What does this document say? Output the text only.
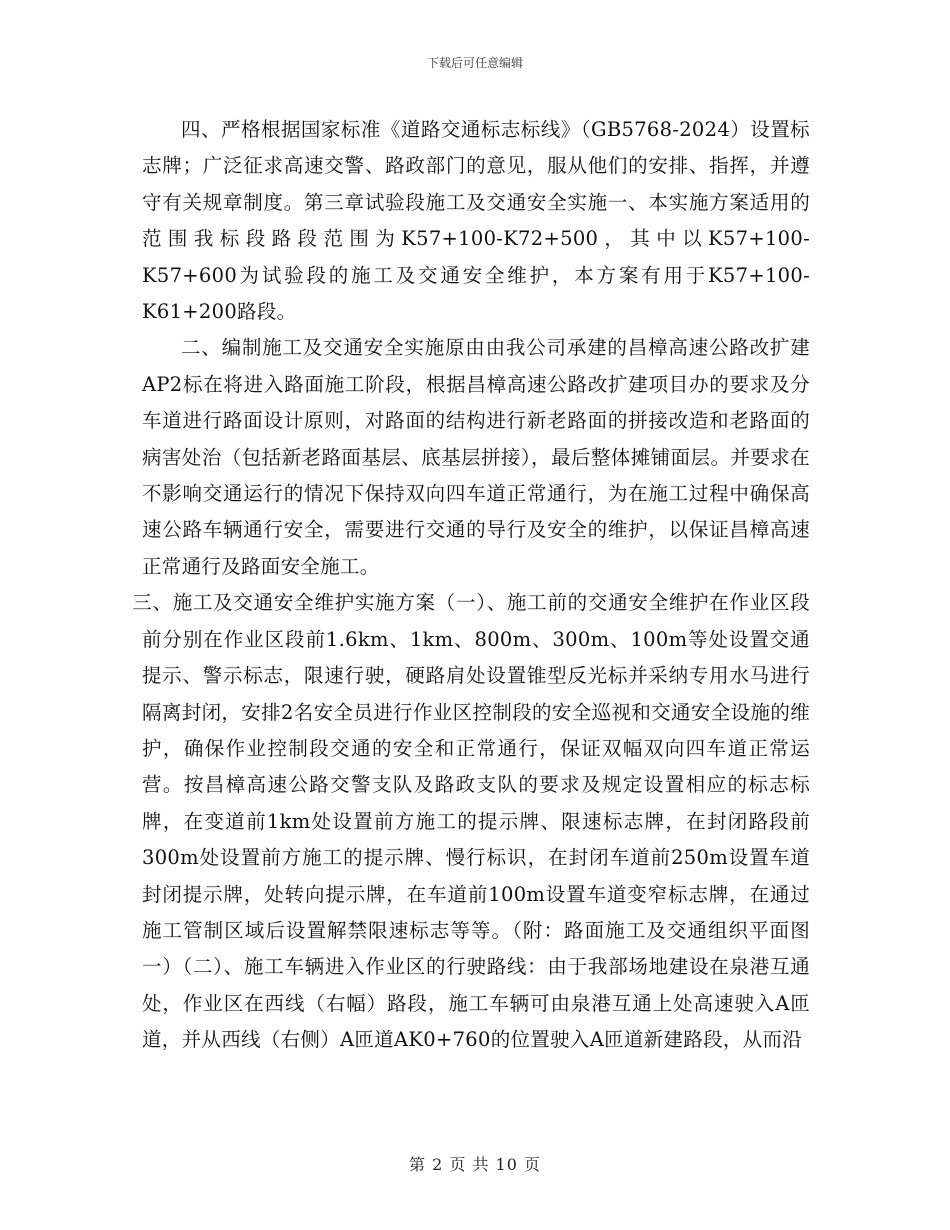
下载后可任意编辑

四、严格根据国家标准《道路交通标志标线》（GB5768-2024）设置标志牌；广泛征求高速交警、路政部门的意见，服从他们的安排、指挥，并遵守有关规章制度。第三章试验段施工及交通安全实施一、本实施方案适用的范围我标段路段范围为K57+100-K72+500，其中以K57+100-K57+600为试验段的施工及交通安全维护，本方案有用于K57+100-K61+200路段。

二、编制施工及交通安全实施原由由我公司承建的昌樟高速公路改扩建AP2标在将进入路面施工阶段，根据昌樟高速公路改扩建项目办的要求及分车道进行路面设计原则，对路面的结构进行新老路面的拼接改造和老路面的病害处治（包括新老路面基层、底基层拼接），最后整体摊铺面层。并要求在不影响交通运行的情况下保持双向四车道正常通行，为在施工过程中确保高速公路车辆通行安全，需要进行交通的导行及安全的维护，以保证昌樟高速正常通行及路面安全施工。

三、施工及交通安全维护实施方案（一）、施工前的交通安全维护在作业区段前分别在作业区段前1.6km、1km、800m、300m、100m等处设置交通提示、警示标志，限速行驶，硬路肩处设置锥型反光标并采纳专用水马进行隔离封闭，安排2名安全员进行作业区控制段的安全巡视和交通安全设施的维护，确保作业控制段交通的安全和正常通行，保证双幅双向四车道正常运营。按昌樟高速公路交警支队及路政支队的要求及规定设置相应的标志标牌，在变道前1km处设置前方施工的提示牌、限速标志牌，在封闭路段前300m处设置前方施工的提示牌、慢行标识，在封闭车道前250m设置车道封闭提示牌，处转向提示牌，在车道前100m设置车道变窄标志牌，在通过施工管制区域后设置解禁限速标志等等。（附：路面施工及交通组织平面图一）（二）、施工车辆进入作业区的行驶路线：由于我部场地建设在泉港互通处，作业区在西线（右幅）路段，施工车辆可由泉港互通上处高速驶入A匝道，并从西线（右侧）A匝道AK0+760的位置驶入A匝道新建路段，从而沿

第 2 页 共 10 页
